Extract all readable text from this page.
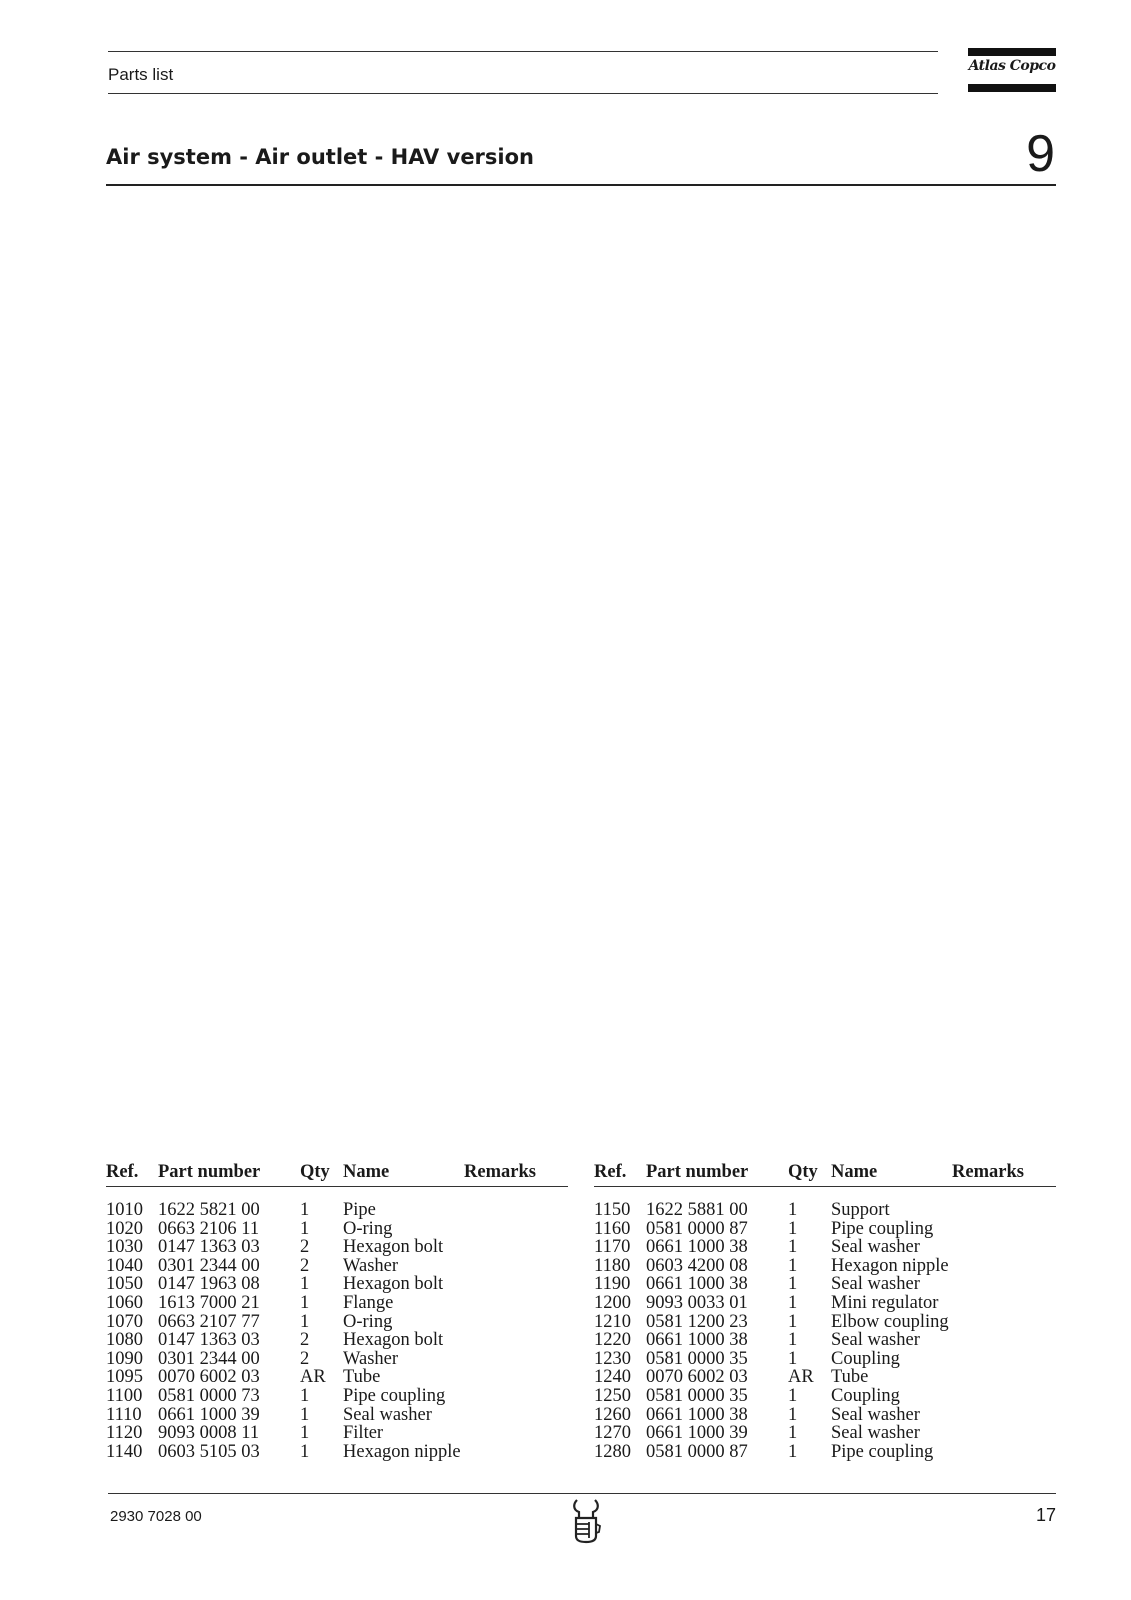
Parts list	Atlas Copco
Air system - Air outlet - HAV version	9
Ref. Part number Qty Name	Remarks
1010 1622 5821 00 1 Pipe
1020 0663 2106 11 1 O-ring
1030 0147 1363 03 2 Hexagon bolt
1040 0301 2344 00 2 Washer
1050 0147 1963 08 1 Hexagon bolt
1060 1613 7000 21 1 Flange
1070 0663 2107 77 1 O-ring
1080 0147 1363 03 2 Hexagon bolt
1090 0301 2344 00 2 Washer
1095 0070 6002 03 AR Tube
1100 0581 0000 73 1 Pipe coupling
1110 0661 1000 39 1 Seal washer
1120 9093 0008 11 1 Filter
1140 0603 5105 03 1 Hexagon nipple
Ref. Part number Qty Name	Remarks
1150 1622 5881 00 1 Support
1160 0581 0000 87 1 Pipe coupling
1170 0661 1000 38 1 Seal washer
1180 0603 4200 08 1 Hexagon nipple
1190 0661 1000 38 1 Seal washer
1200 9093 0033 01 1 Mini regulator
1210 0581 1200 23 1 Elbow coupling
1220 0661 1000 38 1 Seal washer
1230 0581 0000 35 1 Coupling
1240 0070 6002 03 AR Tube
1250 0581 0000 35 1 Coupling
1260 0661 1000 38 1 Seal washer
1270 0661 1000 39 1 Seal washer
1280 0581 0000 87 1 Pipe coupling
2930 7028 00	17
